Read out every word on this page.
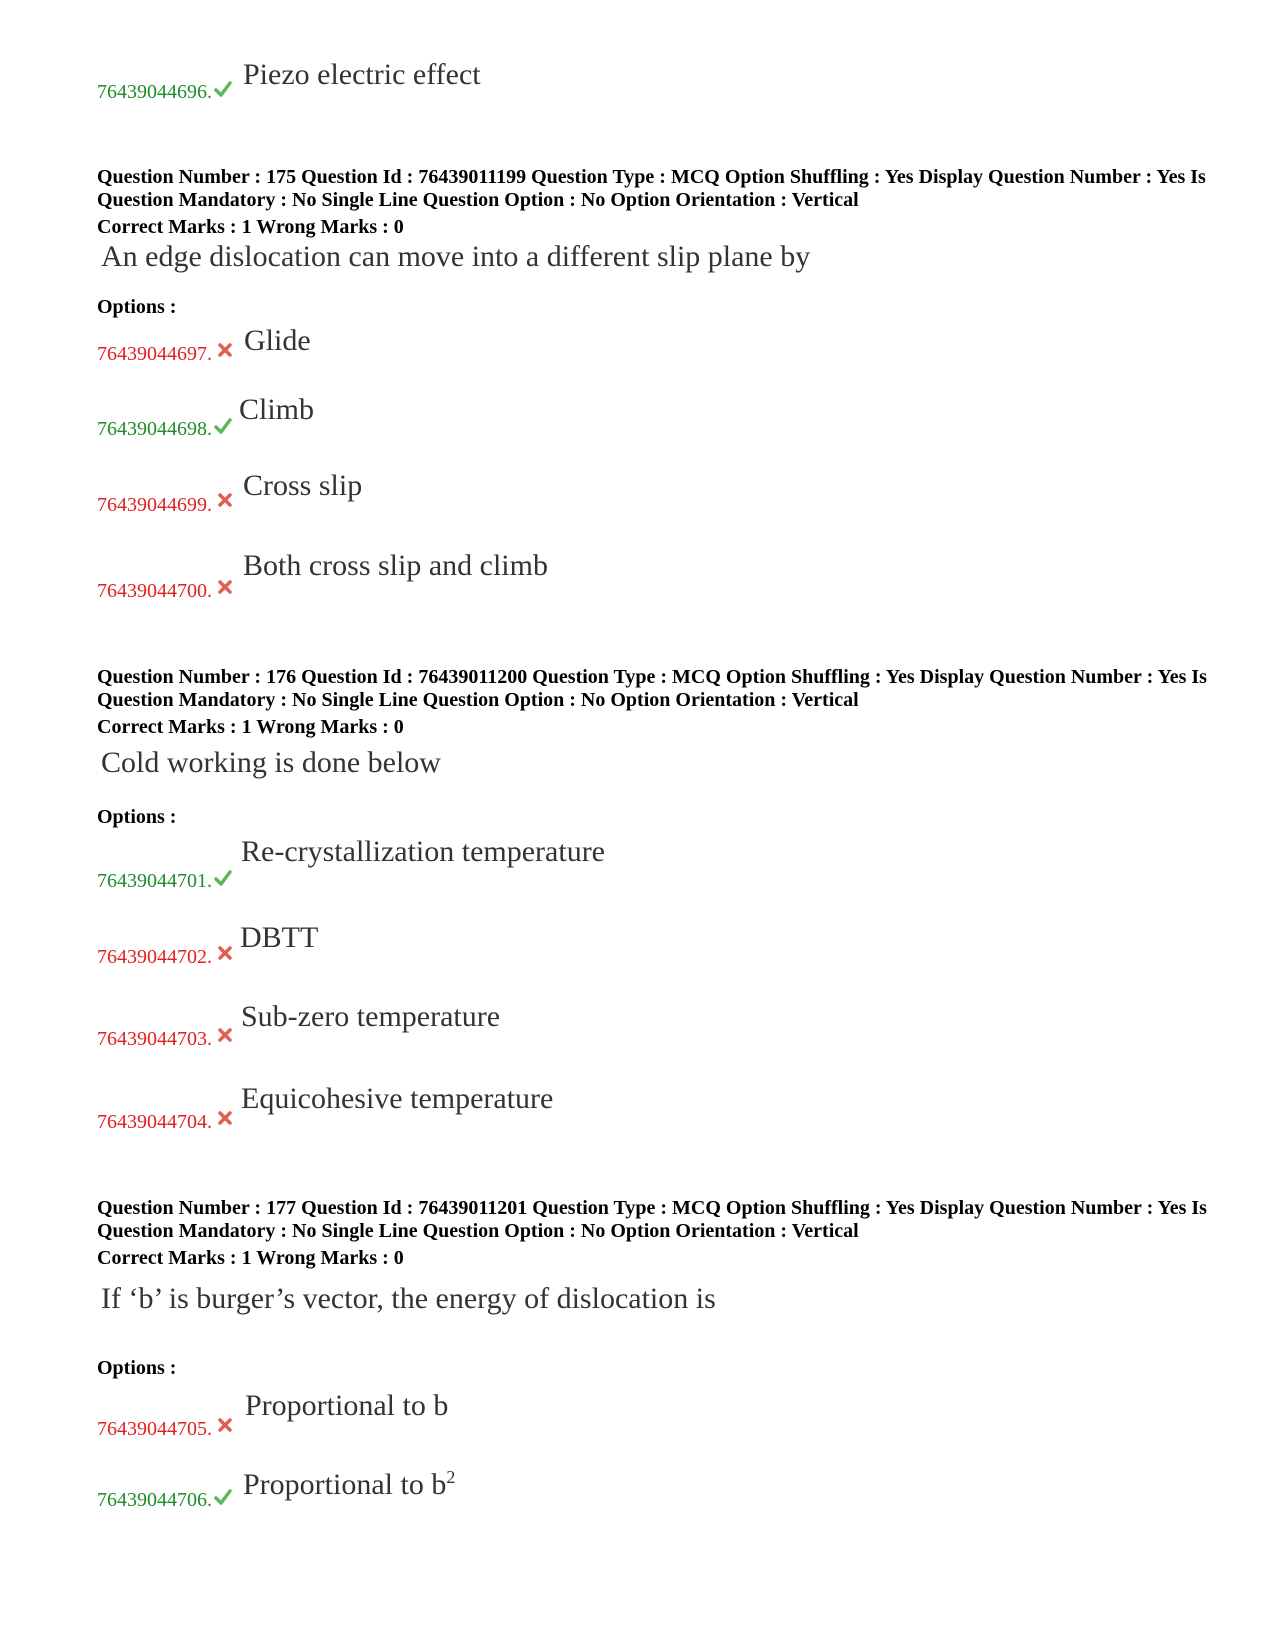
76439044696.
Piezo electric effect
Question Number : 175 Question Id : 76439011199 Question Type : MCQ Option Shuffling : Yes Display Question Number : Yes Is Question Mandatory : No Single Line Question Option : No Option Orientation : Vertical
Correct Marks : 1 Wrong Marks : 0
An edge dislocation can move into a different slip plane by
Options :
76439044697. Glide
76439044698.
Climb
76439044699.
Cross slip
76439044700.
Both cross slip and climb
Question Number : 176 Question Id : 76439011200 Question Type : MCQ Option Shuffling : Yes Display Question Number : Yes Is Question Mandatory : No Single Line Question Option : No Option Orientation : Vertical
Correct Marks : 1 Wrong Marks : 0
Cold working is done below
Options :
76439044701.
Re-crystallization temperature
76439044702.
DBTT
76439044703.
Sub-zero temperature
76439044704.
Equicohesive temperature
Question Number : 177 Question Id : 76439011201 Question Type : MCQ Option Shuffling : Yes Display Question Number : Yes Is Question Mandatory : No Single Line Question Option : No Option Orientation : Vertical
Correct Marks : 1 Wrong Marks : 0
If ‘b’ is burger’s vector, the energy of dislocation is
Options :
76439044705.
Proportional to b
76439044706. Proportional to $b^2$
